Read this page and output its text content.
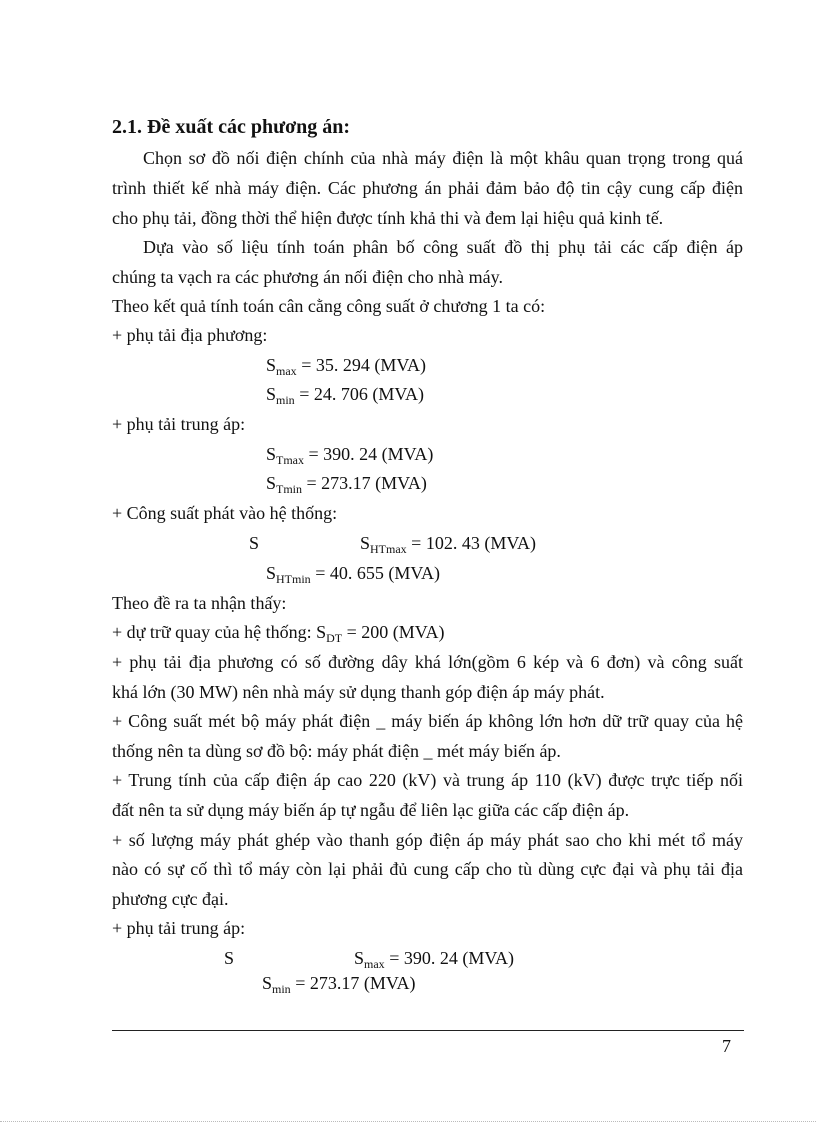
2.1. Đề xuất các phương án:
Chọn sơ đồ nối điện chính của nhà máy điện là một khâu quan trọng trong quá
trình thiết kế nhà máy điện. Các phương án phải đảm bảo độ tin cậy cung cấp điện
cho phụ tải, đồng thời thể hiện được tính khả thi và đem lại hiệu quả kinh tế.
Dựa vào số liệu tính toán phân bố công suất đồ thị phụ tải các cấp điện áp
chúng ta vạch ra các phương án nối điện cho nhà máy.
Theo kết quả tính toán cân cằng công suất ở chương 1 ta có:
+ phụ tải địa phương:
$S_{max} = 35$. 294 (MVA)
$S_{min} = 24$. 706 (MVA)
+ phụ tải trung áp:
$S_{Tmax} = 390$. 24 (MVA)
$S_{Tmin} = 273.17$ (MVA)
+ Công suất phát vào hệ thống:
S	$S_{HTmax} = 102$. 43 (MVA)
$S_{HTmin} = 40$. 655 (MVA)
Theo đề ra ta nhận thấy:
+ dự trữ quay của hệ thống: $S_{DT} = 200$ (MVA)
+ phụ tải địa phương có số đường dây khá lớn(gồm 6 kép và 6 đơn) và công suất
khá lớn (30 MW) nên nhà máy sử dụng thanh góp điện áp máy phát.
+ Công suất mét bộ máy phát điện _ máy biến áp không lớn hơn dữ trữ quay của hệ
thống nên ta dùng sơ đồ bộ: máy phát điện _ mét máy biến áp.
+ Trung tính của cấp điện áp cao 220 (kV) và trung áp 110 (kV) được trực tiếp nối
đất nên ta sử dụng máy biến áp tự ngẫu để liên lạc giữa các cấp điện áp.
+ số lượng máy phát ghép vào thanh góp điện áp máy phát sao cho khi mét tổ máy
nào có sự cố thì tổ máy còn lại phải đủ cung cấp cho tù dùng cực đại và phụ tải địa
phương cực đại.
+ phụ tải trung áp:
S	$S_{max} = 390$. 24 (MVA)
$S_{min} = 273.17$ (MVA)
7
